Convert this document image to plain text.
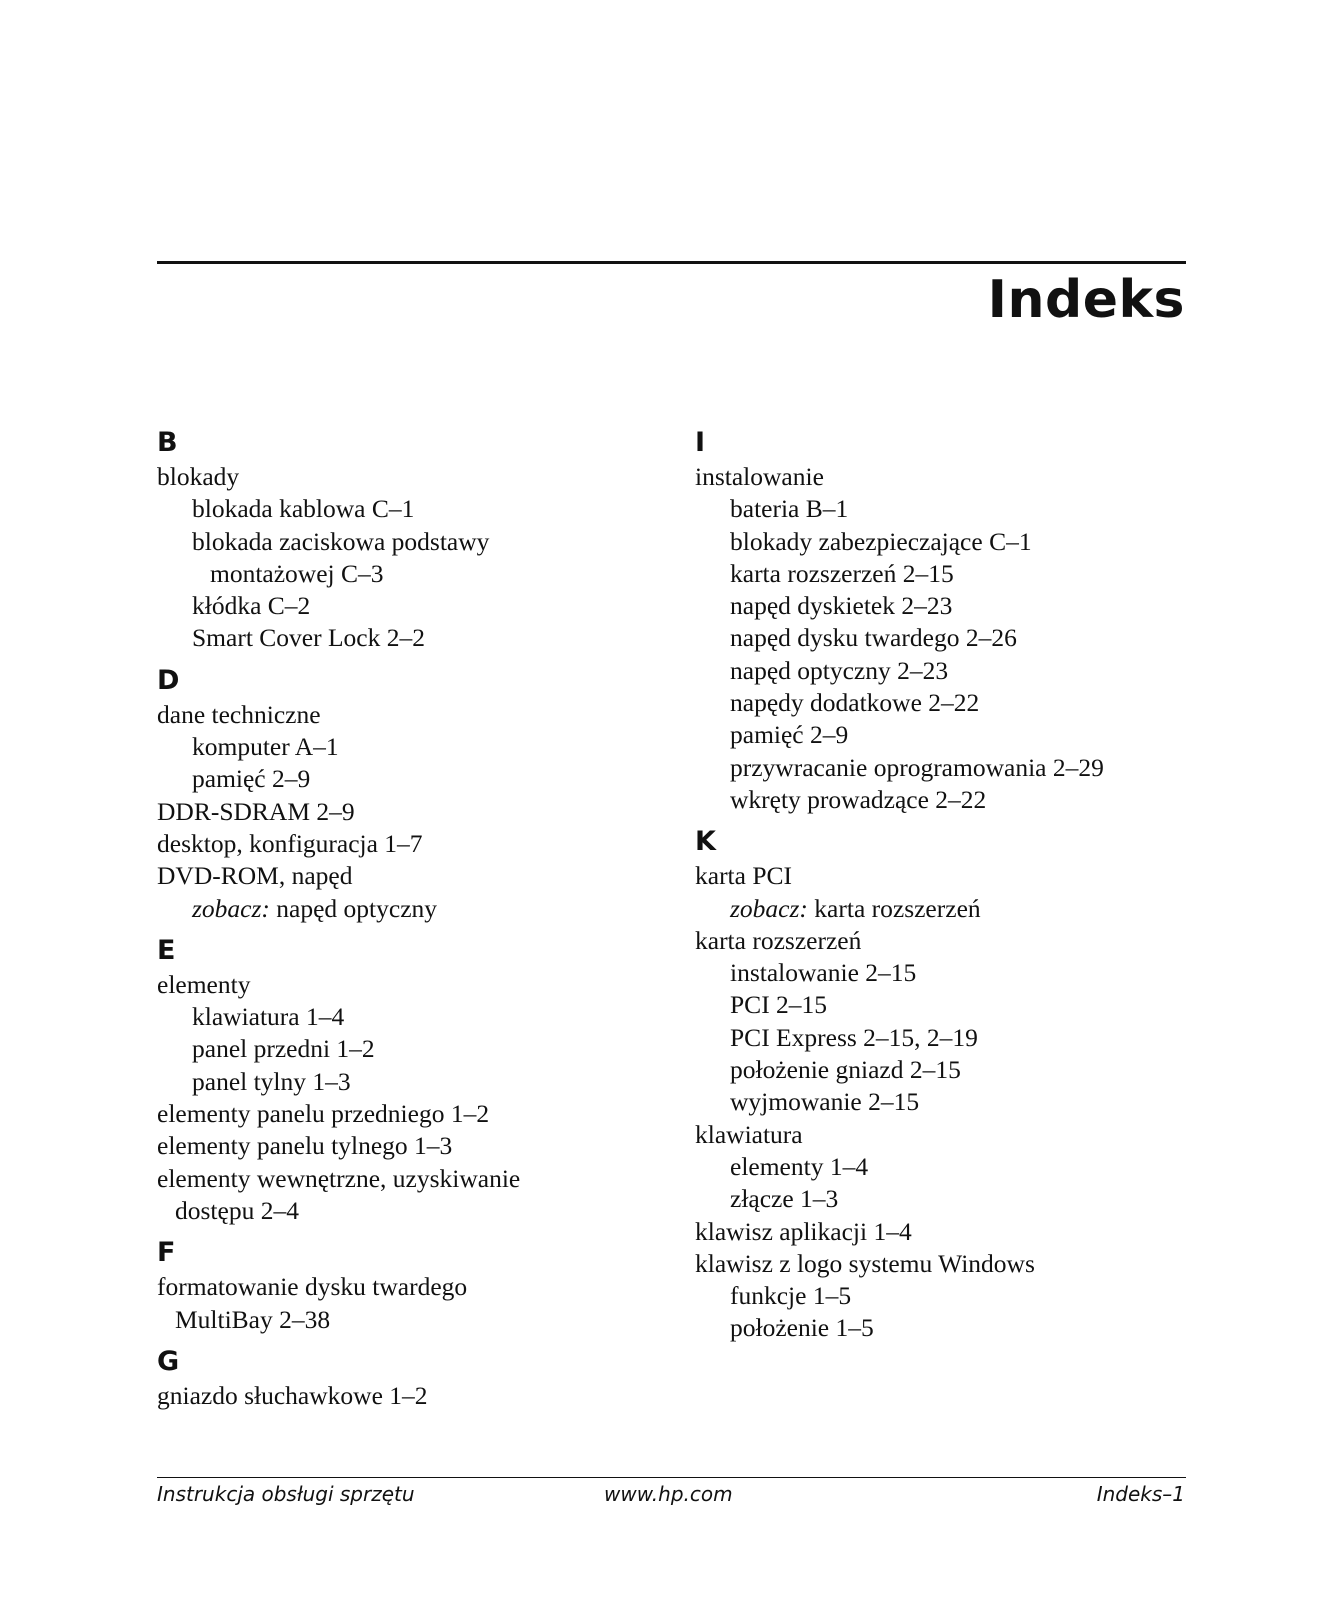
Indeks
B
blokady
blokada kablowa C–1
blokada zaciskowa podstawy
montażowej C–3
kłódka C–2
Smart Cover Lock 2–2
D
dane techniczne
komputer A–1
pamięć 2–9
DDR-SDRAM 2–9
desktop, konfiguracja 1–7
DVD-ROM, napęd
zobacz: napęd optyczny
E
elementy
klawiatura 1–4
panel przedni 1–2
panel tylny 1–3
elementy panelu przedniego 1–2
elementy panelu tylnego 1–3
elementy wewnętrzne, uzyskiwanie
dostępu 2–4
F
formatowanie dysku twardego
MultiBay 2–38
G
gniazdo słuchawkowe 1–2
I
instalowanie
bateria B–1
blokady zabezpieczające C–1
karta rozszerzeń 2–15
napęd dyskietek 2–23
napęd dysku twardego 2–26
napęd optyczny 2–23
napędy dodatkowe 2–22
pamięć 2–9
przywracanie oprogramowania 2–29
wkręty prowadzące 2–22
K
karta PCI
zobacz: karta rozszerzeń
karta rozszerzeń
instalowanie 2–15
PCI 2–15
PCI Express 2–15, 2–19
położenie gniazd 2–15
wyjmowanie 2–15
klawiatura
elementy 1–4
złącze 1–3
klawisz aplikacji 1–4
klawisz z logo systemu Windows
funkcje 1–5
położenie 1–5
Instrukcja obsługi sprzętu	www.hp.com	Indeks–1
